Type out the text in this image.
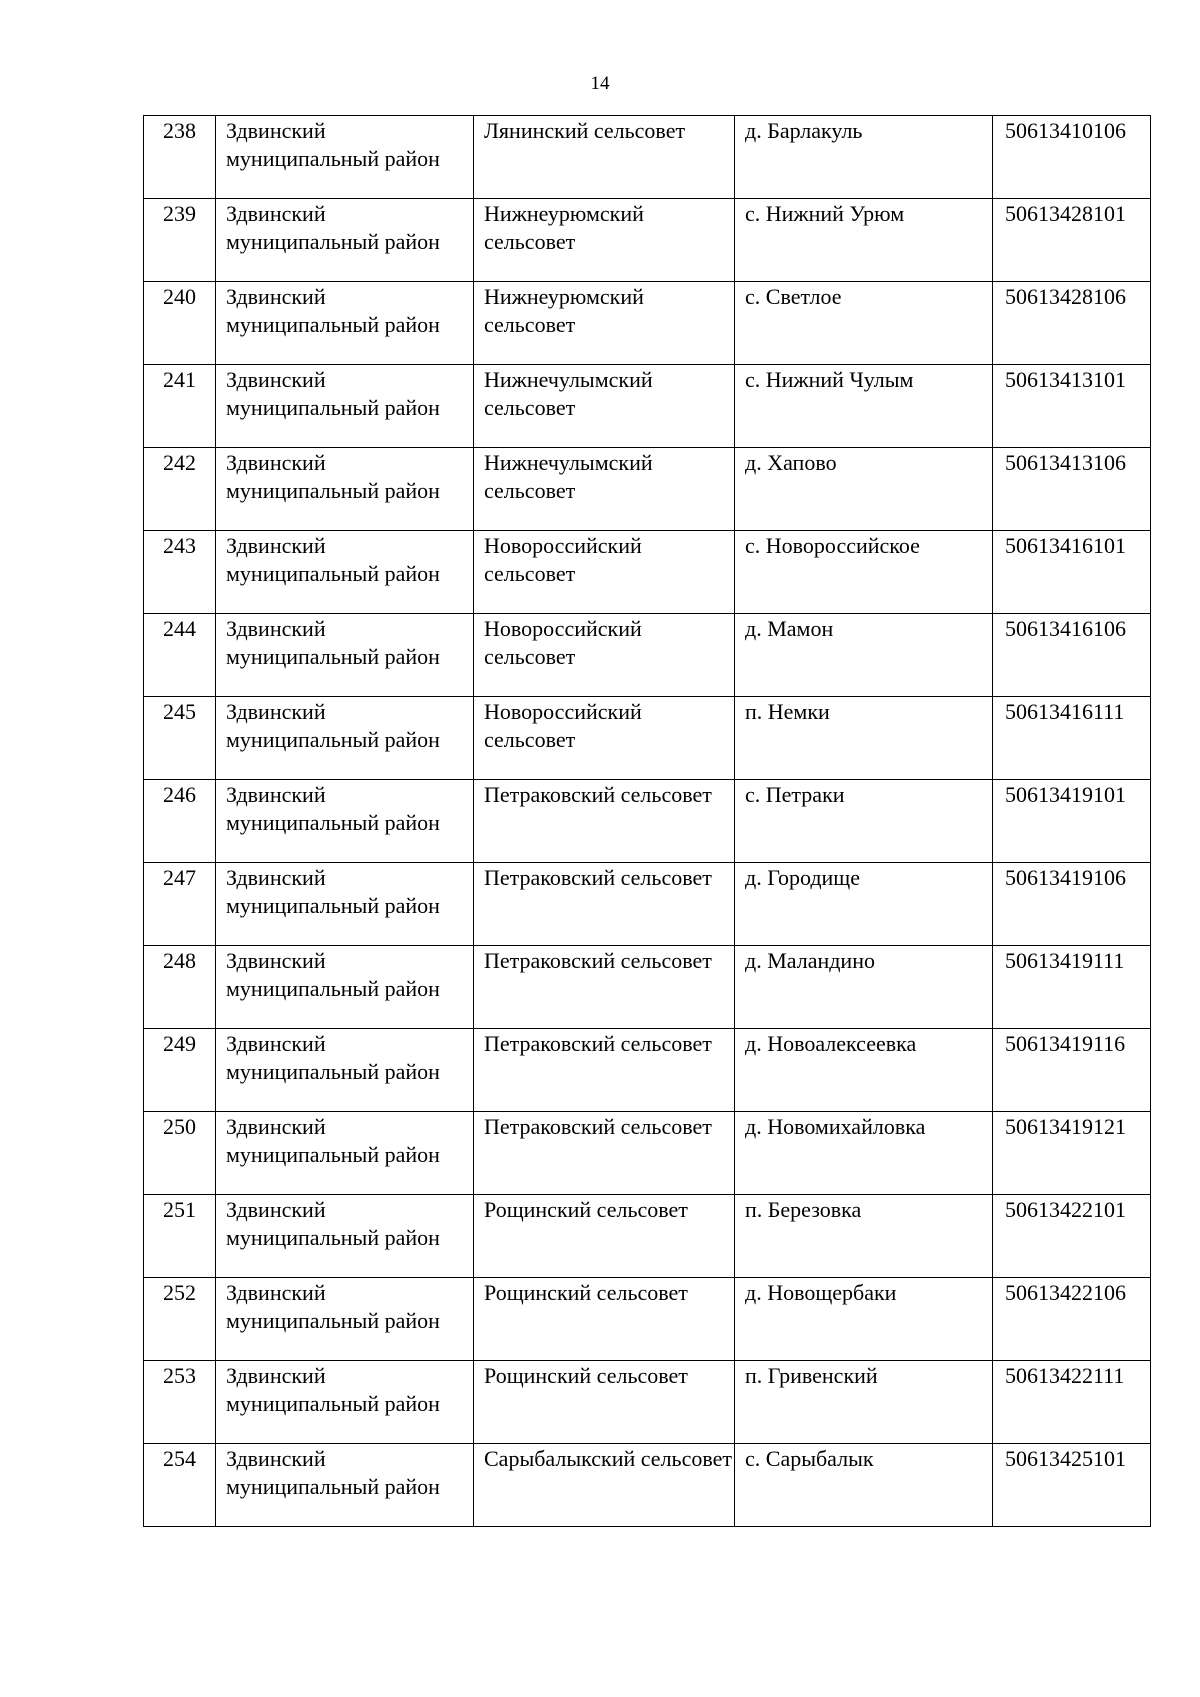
14
238	Здвинский муниципальный район	Лянинский сельсовет	д. Барлакуль	50613410106
239	Здвинский муниципальный район	Нижнеурюмский сельсовет	с. Нижний Урюм	50613428101
240	Здвинский муниципальный район	Нижнеурюмский сельсовет	с. Светлое	50613428106
241	Здвинский муниципальный район	Нижнечулымский сельсовет	с. Нижний Чулым	50613413101
242	Здвинский муниципальный район	Нижнечулымский сельсовет	д. Хапово	50613413106
243	Здвинский муниципальный район	Новороссийский сельсовет	с. Новороссийское	50613416101
244	Здвинский муниципальный район	Новороссийский сельсовет	д. Мамон	50613416106
245	Здвинский муниципальный район	Новороссийский сельсовет	п. Немки	50613416111
246	Здвинский муниципальный район	Петраковский сельсовет	с. Петраки	50613419101
247	Здвинский муниципальный район	Петраковский сельсовет	д. Городище	50613419106
248	Здвинский муниципальный район	Петраковский сельсовет	д. Маландино	50613419111
249	Здвинский муниципальный район	Петраковский сельсовет	д. Новоалексеевка	50613419116
250	Здвинский муниципальный район	Петраковский сельсовет	д. Новомихайловка	50613419121
251	Здвинский муниципальный район	Рощинский сельсовет	п. Березовка	50613422101
252	Здвинский муниципальный район	Рощинский сельсовет	д. Новощербаки	50613422106
253	Здвинский муниципальный район	Рощинский сельсовет	п. Гривенский	50613422111
254	Здвинский муниципальный район	Сарыбалыкский сельсовет	с. Сарыбалык	50613425101
